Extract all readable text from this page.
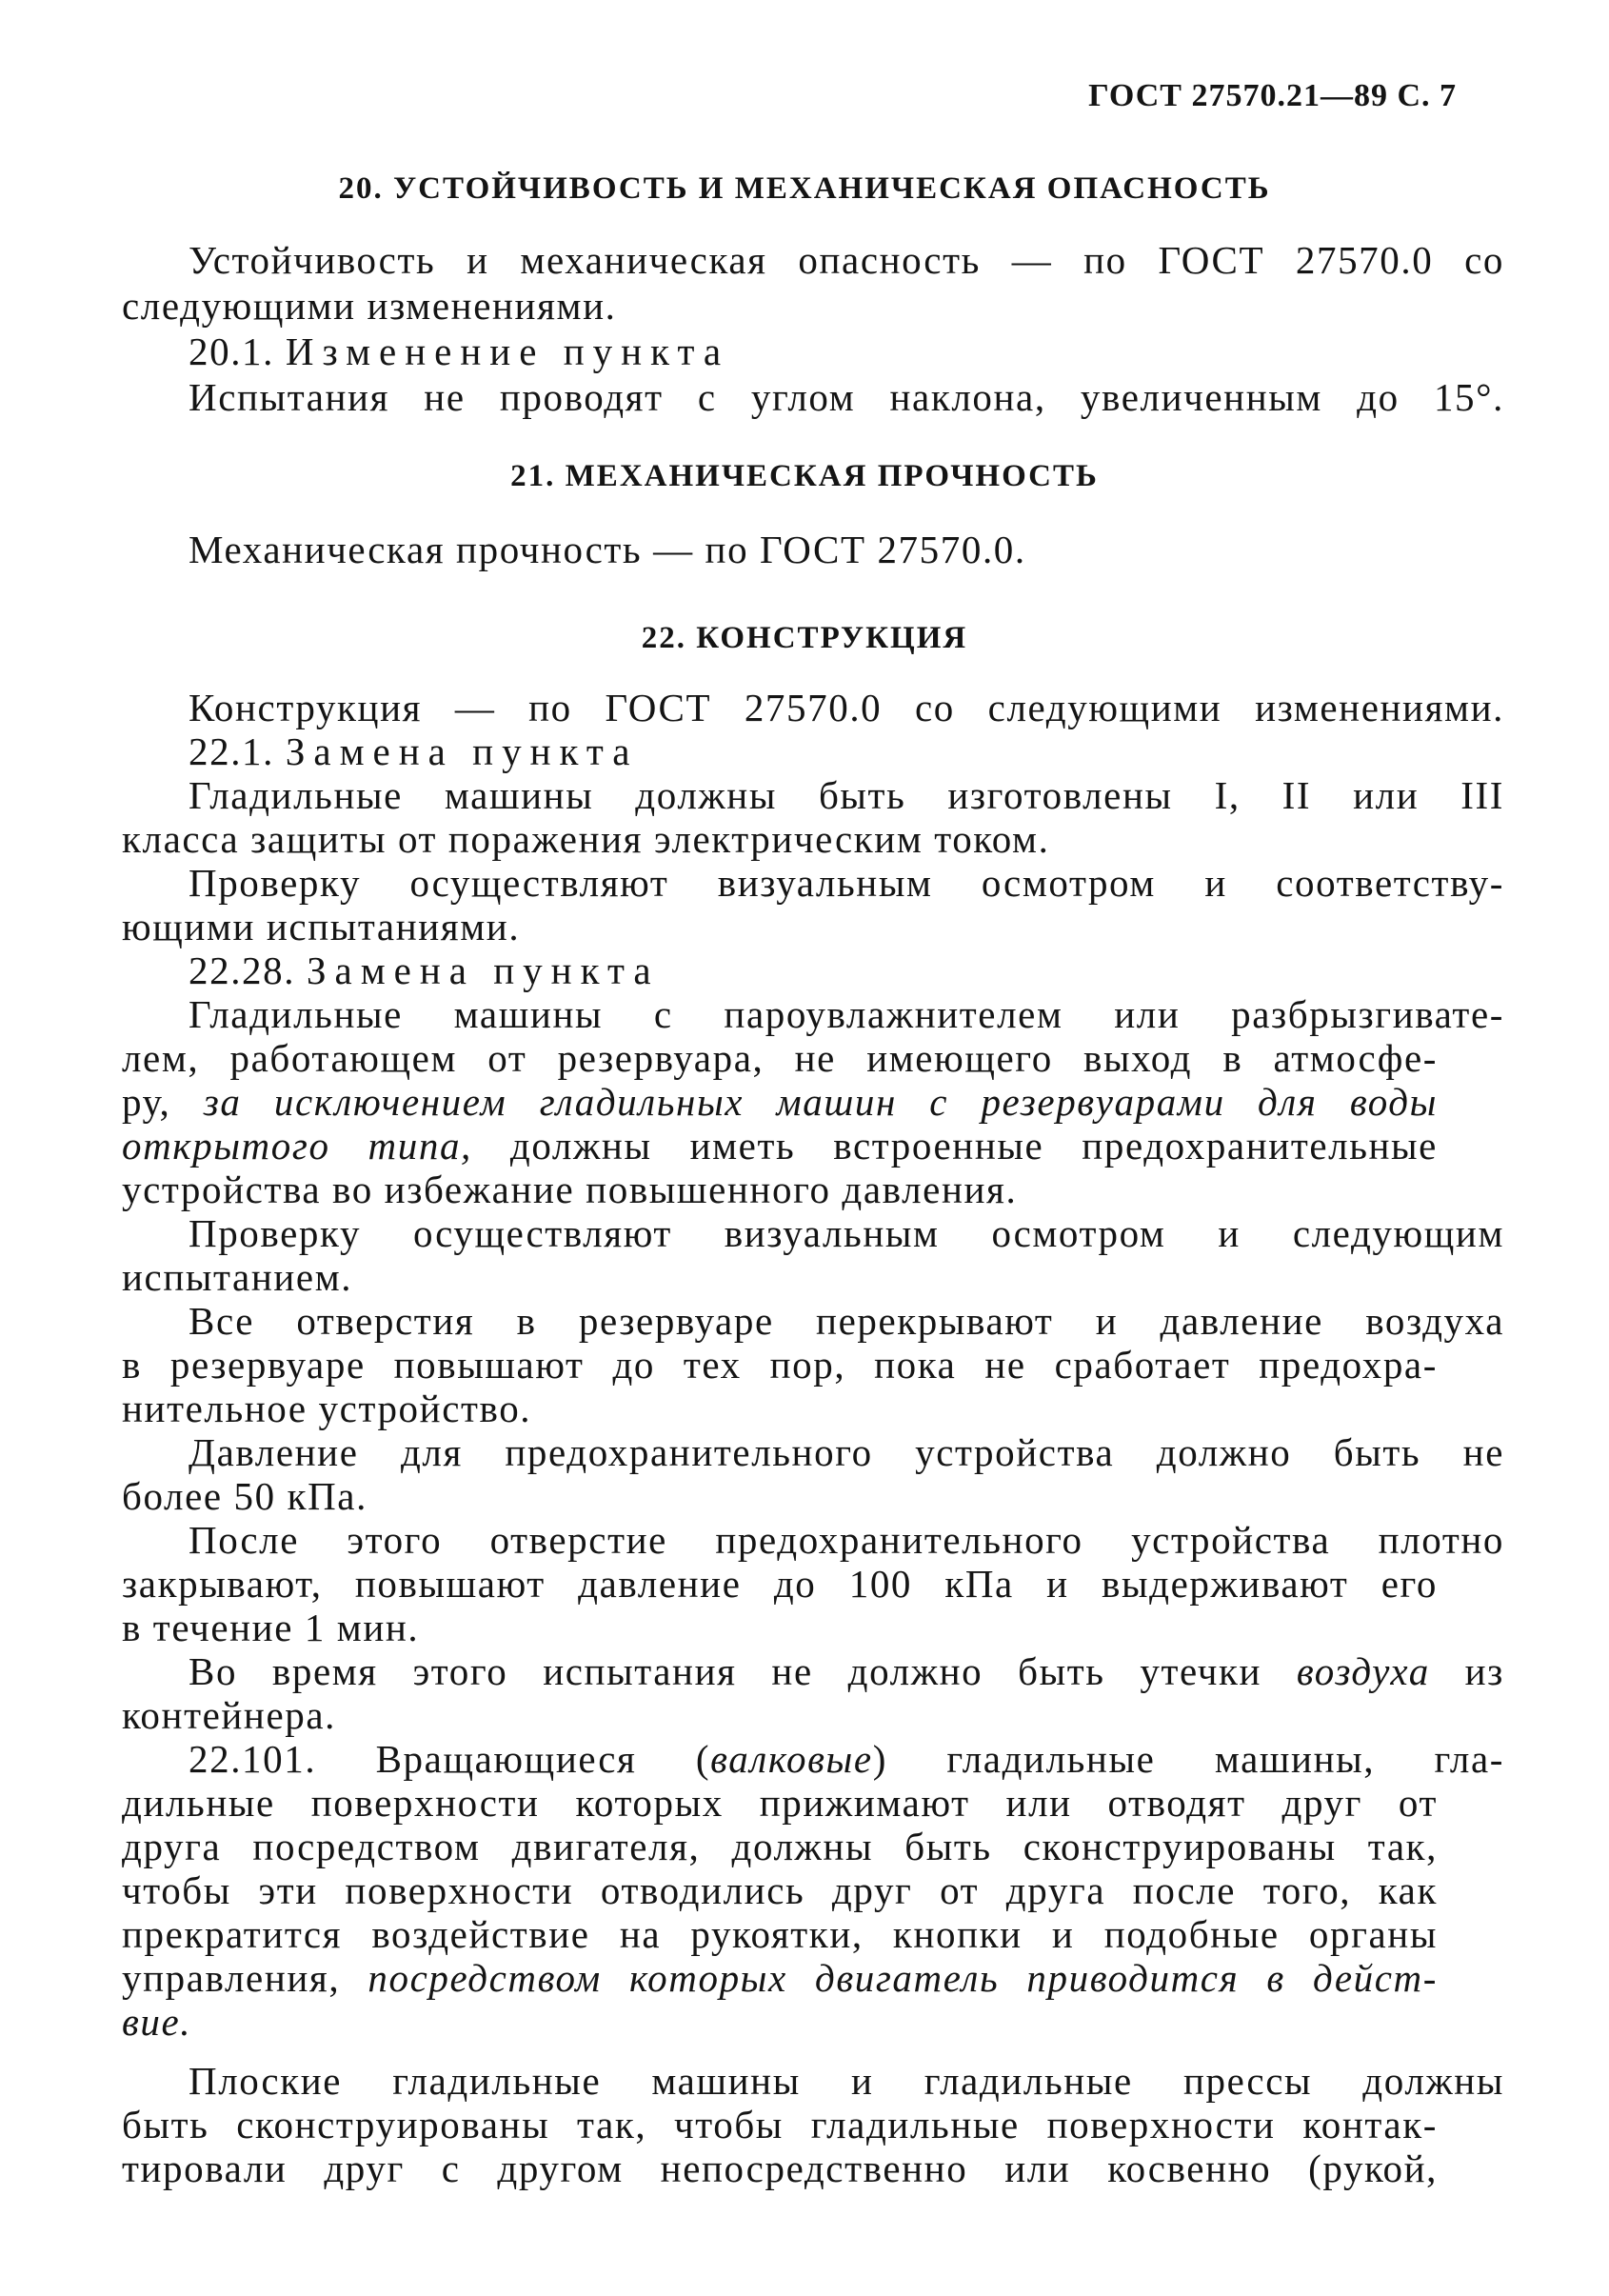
ГОСТ 27570.21—89 С. 7
20. УСТОЙЧИВОСТЬ И МЕХАНИЧЕСКАЯ ОПАСНОСТЬ
Устойчивость и механическая опасность — по ГОСТ 27570.0 со
следующими изменениями.
20.1. Изменение пункта
Испытания не проводят с углом наклона, увеличенным до 15°.
21. МЕХАНИЧЕСКАЯ ПРОЧНОСТЬ
Механическая прочность — по ГОСТ 27570.0.
22. КОНСТРУКЦИЯ
Конструкция — по ГОСТ 27570.0 со следующими изменениями.
22.1. Замена пункта
Гладильные машины должны быть изготовлены I, II или III
класса защиты от поражения электрическим током.
Проверку осуществляют визуальным осмотром и соответству-
ющими испытаниями.
22.28. Замена пункта
Гладильные машины с пароувлажнителем или разбрызгивате-
лем, работающем от резервуара, не имеющего выход в атмосфе-
ру, за исключением гладильных машин с резервуарами для воды
открытого типа, должны иметь встроенные предохранительные
устройства во избежание повышенного давления.
Проверку осуществляют визуальным осмотром и следующим
испытанием.
Все отверстия в резервуаре перекрывают и давление воздуха
в резервуаре повышают до тех пор, пока не сработает предохра-
нительное устройство.
Давление для предохранительного устройства должно быть не
более 50 кПа.
После этого отверстие предохранительного устройства плотно
закрывают, повышают давление до 100 кПа и выдерживают его
в течение 1 мин.
Во время этого испытания не должно быть утечки воздуха из
контейнера.
22.101. Вращающиеся (валковые) гладильные машины, гла-
дильные поверхности которых прижимают или отводят друг от
друга посредством двигателя, должны быть сконструированы так,
чтобы эти поверхности отводились друг от друга после того, как
прекратится воздействие на рукоятки, кнопки и подобные органы
управления, посредством которых двигатель приводится в дейст-
вие.
Плоские гладильные машины и гладильные прессы должны
быть сконструированы так, чтобы гладильные поверхности контак-
тировали друг с другом непосредственно или косвенно (рукой,
